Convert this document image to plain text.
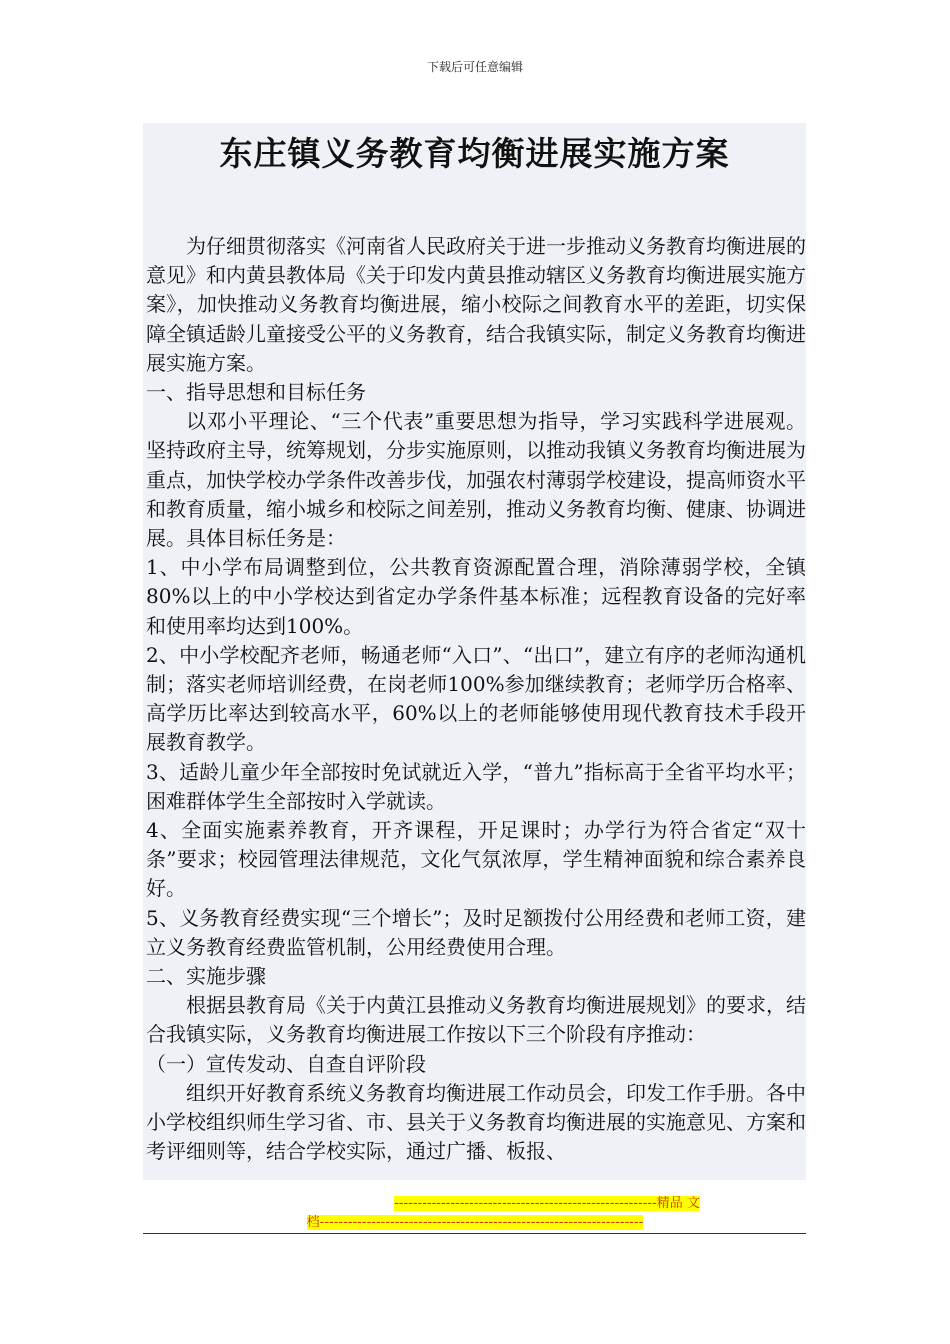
下载后可任意编辑
东庄镇义务教育均衡进展实施方案

为仔细贯彻落实《河南省人民政府关于进一步推动义务教育均衡进展的意见》和内黄县教体局《关于印发内黄县推动辖区义务教育均衡进展实施方案》，加快推动义务教育均衡进展，缩小校际之间教育水平的差距，切实保障全镇适龄儿童接受公平的义务教育，结合我镇实际，制定义务教育均衡进展实施方案。

一、指导思想和目标任务

以邓小平理论、“三个代表”重要思想为指导，学习实践科学进展观。坚持政府主导，统筹规划，分步实施原则，以推动我镇义务教育均衡进展为重点，加快学校办学条件改善步伐，加强农村薄弱学校建设，提高师资水平和教育质量，缩小城乡和校际之间差别，推动义务教育均衡、健康、协调进展。具体目标任务是：

1、中小学布局调整到位，公共教育资源配置合理，消除薄弱学校，全镇80%以上的中小学校达到省定办学条件基本标准；远程教育设备的完好率和使用率均达到100%。

2、中小学校配齐老师，畅通老师“入口”、“出口”，建立有序的老师沟通机制；落实老师培训经费，在岗老师100%参加继续教育；老师学历合格率、高学历比率达到较高水平，60%以上的老师能够使用现代教育技术手段开展教育教学。

3、适龄儿童少年全部按时免试就近入学，“普九”指标高于全省平均水平；困难群体学生全部按时入学就读。

4、全面实施素养教育，开齐课程，开足课时；办学行为符合省定“双十条”要求；校园管理法律规范，文化气氛浓厚，学生精神面貌和综合素养良好。

5、义务教育经费实现“三个增长”；及时足额拨付公用经费和老师工资，建立义务教育经费监管机制，公用经费使用合理。

二、实施步骤

根据县教育局《关于内黄江县推动义务教育均衡进展规划》的要求，结合我镇实际，义务教育均衡进展工作按以下三个阶段有序推动：

（一）宣传发动、自查自评阶段

组织开好教育系统义务教育均衡进展工作动员会，印发工作手册。各中小学校组织师生学习省、市、县关于义务教育均衡进展的实施意见、方案和考评细则等，结合学校实际，通过广播、板报、

--------------------------------------------------------精品 文
档---------------------------------------------------------------------
